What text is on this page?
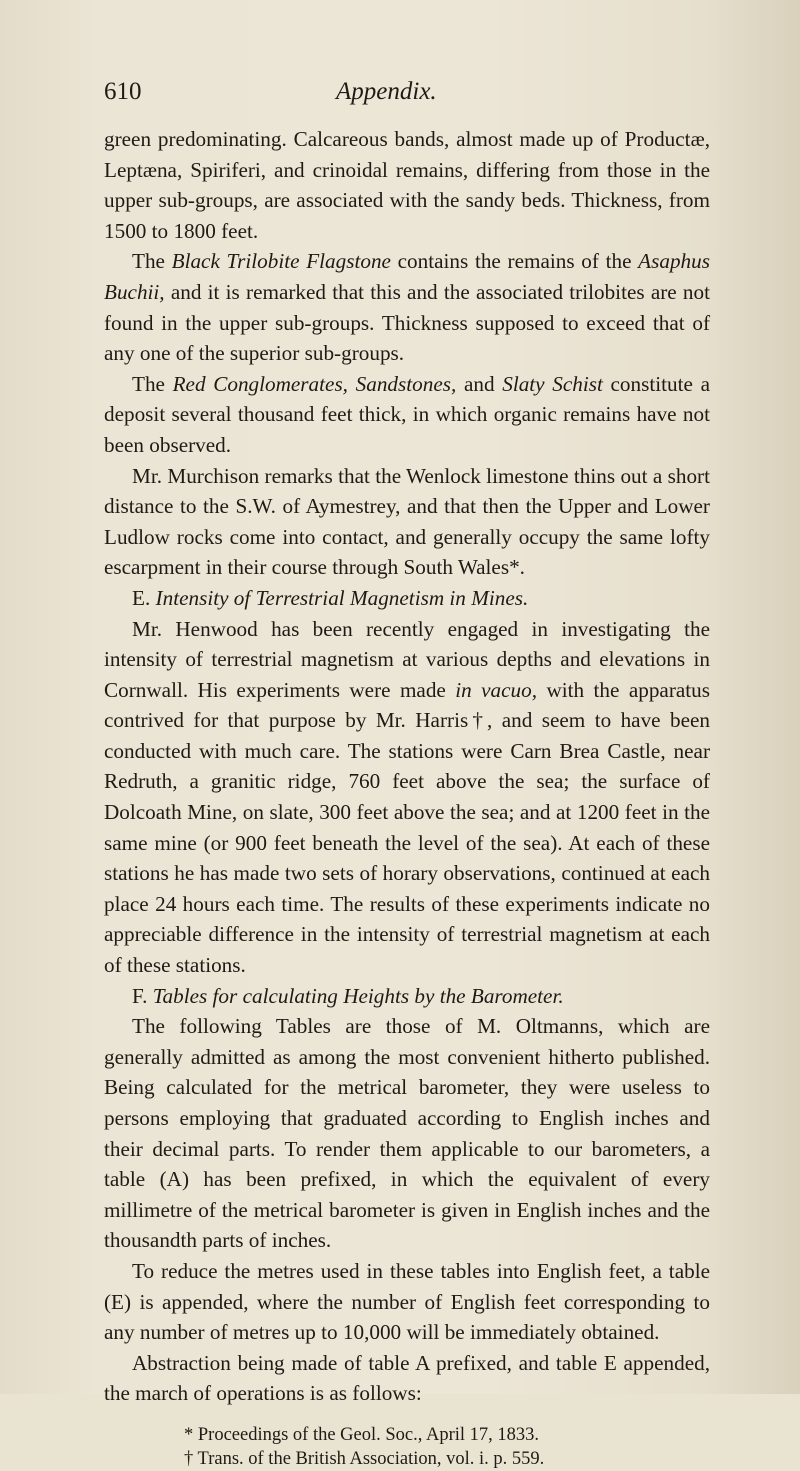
610	Appendix.

green predominating. Calcareous bands, almost made up of Productæ, Leptæna, Spiriferi, and crinoidal remains, differing from those in the upper sub-groups, are associated with the sandy beds. Thickness, from 1500 to 1800 feet.

The Black Trilobite Flagstone contains the remains of the Asaphus Buchii, and it is remarked that this and the associated trilobites are not found in the upper sub-groups. Thickness supposed to exceed that of any one of the superior sub-groups.

The Red Conglomerates, Sandstones, and Slaty Schist constitute a deposit several thousand feet thick, in which organic remains have not been observed.

Mr. Murchison remarks that the Wenlock limestone thins out a short distance to the S.W. of Aymestrey, and that then the Upper and Lower Ludlow rocks come into contact, and generally occupy the same lofty escarpment in their course through South Wales*.

E. Intensity of Terrestrial Magnetism in Mines.

Mr. Henwood has been recently engaged in investigating the intensity of terrestrial magnetism at various depths and elevations in Cornwall. His experiments were made in vacuo, with the apparatus contrived for that purpose by Mr. Harris†, and seem to have been conducted with much care. The stations were Carn Brea Castle, near Redruth, a granitic ridge, 760 feet above the sea; the surface of Dolcoath Mine, on slate, 300 feet above the sea; and at 1200 feet in the same mine (or 900 feet beneath the level of the sea). At each of these stations he has made two sets of horary observations, continued at each place 24 hours each time. The results of these experiments indicate no appreciable difference in the intensity of terrestrial magnetism at each of these stations.

F. Tables for calculating Heights by the Barometer.

The following Tables are those of M. Oltmanns, which are generally admitted as among the most convenient hitherto published. Being calculated for the metrical barometer, they were useless to persons employing that graduated according to English inches and their decimal parts. To render them applicable to our barometers, a table (A) has been prefixed, in which the equivalent of every millimetre of the metrical barometer is given in English inches and the thousandth parts of inches.

To reduce the metres used in these tables into English feet, a table (E) is appended, where the number of English feet corresponding to any number of metres up to 10,000 will be immediately obtained.

Abstraction being made of table A prefixed, and table E appended, the march of operations is as follows:

* Proceedings of the Geol. Soc., April 17, 1833.
† Trans. of the British Association, vol. i. p. 559.
